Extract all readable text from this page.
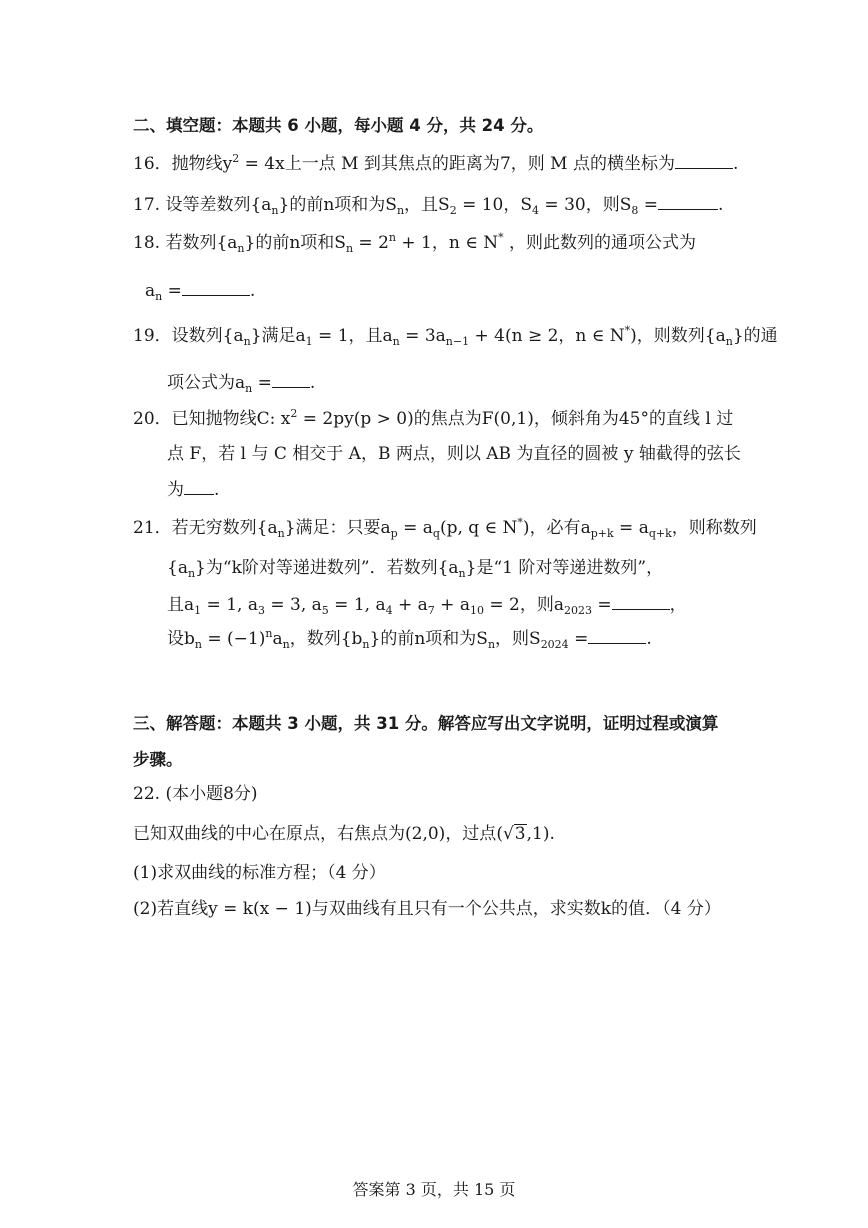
二、填空题：本题共 6 小题，每小题 4 分，共 24 分。
16．抛物线$y^2 = 4x$上一点 M 到其焦点的距离为7，则 M 点的横坐标为	.
17. 设等差数列$\{a_n\}$的前n项和为$S_n$，且$S_2 = 10$，$S_4 = 30$，则$S_8$ =	.
18. 若数列$\{a_n\}$的前n项和$S_n = 2^n + 1$，n ∈ N* ，则此数列的通项公式为
$a_n$ =	.
19．设数列$\{a_n\}$满足$a_1 = 1$，且$a_n = 3a_{n-1} + 4(n \ge 2$，n ∈ N*)，则数列$\{a_n\}$的通
项公式为$a_n$ = .
20．已知抛物线C: $x^2 = 2py(p > 0)$的焦点为F(0,1)，倾斜角为45°的直线 l 过
点 F，若 l 与 C 相交于 A，B 两点，则以 AB 为直径的圆被 y 轴截得的弦长
为 .
21．若无穷数列$\{a_n\}$满足：只要$a_p = a_q(p$, q ∈ N*)，必有$a_{p+k} = a_{q+k}$，则称数列
$\{a_n\}$为“k阶对等递进数列”．若数列$\{a_n\}$是“1 阶对等递进数列”，
且$a_1 = 1$, $a_3 = 3$, $a_5 = 1$, $a_4 + a_7 + a_{10} = 2$，则$a_{2023}$ =	，
设$b_n = (-1)^na_n$，数列$\{b_n\}$的前n项和为$S_n$，则$S_{2024}$ =	.
三、解答题：本题共 3 小题，共 31 分。解答应写出文字说明，证明过程或演算
步骤。
22. (本小题8分)
已知双曲线的中心在原点，右焦点为(2,0)，过点(√3,1).
(1)求双曲线的标准方程；（4 分）
(2)若直线y = k(x − 1)与双曲线有且只有一个公共点，求实数k的值．（4 分）
答案第 3 页，共 15 页
